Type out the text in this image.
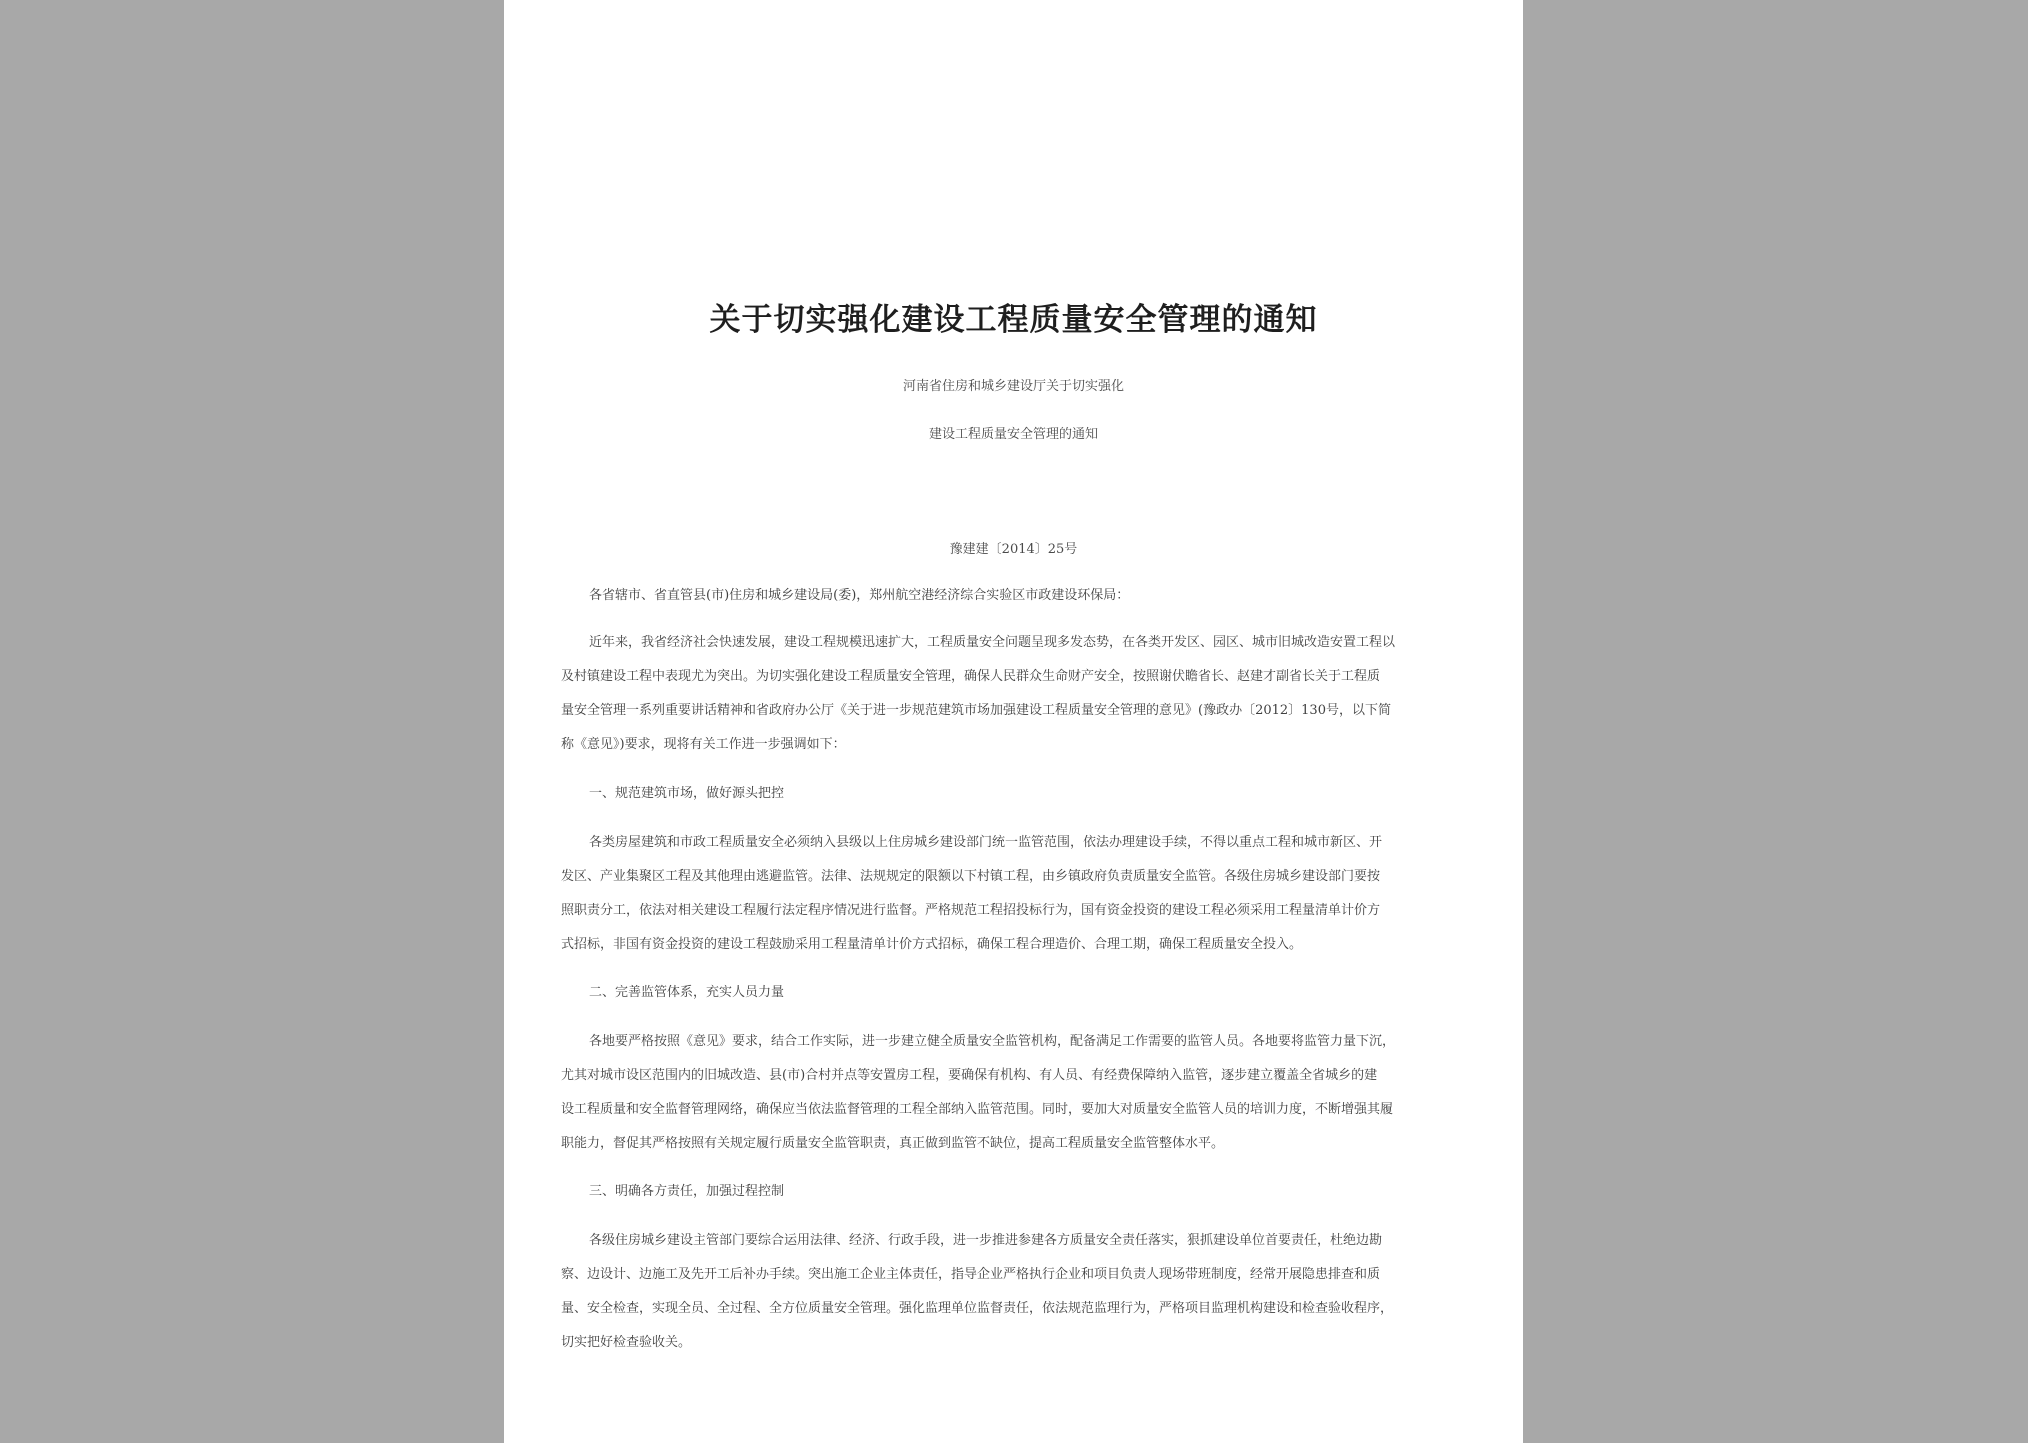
关于切实强化建设工程质量安全管理的通知
河南省住房和城乡建设厅关于切实强化
建设工程质量安全管理的通知
豫建建〔2014〕25号

各省辖市、省直管县(市)住房和城乡建设局(委)，郑州航空港经济综合实验区市政建设环保局：

近年来，我省经济社会快速发展，建设工程规模迅速扩大，工程质量安全问题呈现多发态势，在各类开发区、园区、城市旧城改造安置工程以
及村镇建设工程中表现尤为突出。为切实强化建设工程质量安全管理，确保人民群众生命财产安全，按照谢伏瞻省长、赵建才副省长关于工程质
量安全管理一系列重要讲话精神和省政府办公厅《关于进一步规范建筑市场加强建设工程质量安全管理的意见》(豫政办〔2012〕130号，以下简
称《意见》)要求，现将有关工作进一步强调如下：

一、规范建筑市场，做好源头把控

各类房屋建筑和市政工程质量安全必须纳入县级以上住房城乡建设部门统一监管范围，依法办理建设手续，不得以重点工程和城市新区、开
发区、产业集聚区工程及其他理由逃避监管。法律、法规规定的限额以下村镇工程，由乡镇政府负责质量安全监管。各级住房城乡建设部门要按
照职责分工，依法对相关建设工程履行法定程序情况进行监督。严格规范工程招投标行为，国有资金投资的建设工程必须采用工程量清单计价方
式招标，非国有资金投资的建设工程鼓励采用工程量清单计价方式招标，确保工程合理造价、合理工期，确保工程质量安全投入。

二、完善监管体系，充实人员力量

各地要严格按照《意见》要求，结合工作实际，进一步建立健全质量安全监管机构，配备满足工作需要的监管人员。各地要将监管力量下沉，
尤其对城市设区范围内的旧城改造、县(市)合村并点等安置房工程，要确保有机构、有人员、有经费保障纳入监管，逐步建立覆盖全省城乡的建
设工程质量和安全监督管理网络，确保应当依法监督管理的工程全部纳入监管范围。同时，要加大对质量安全监管人员的培训力度，不断增强其履
职能力，督促其严格按照有关规定履行质量安全监管职责，真正做到监管不缺位，提高工程质量安全监管整体水平。

三、明确各方责任，加强过程控制

各级住房城乡建设主管部门要综合运用法律、经济、行政手段，进一步推进参建各方质量安全责任落实，狠抓建设单位首要责任，杜绝边勘
察、边设计、边施工及先开工后补办手续。突出施工企业主体责任，指导企业严格执行企业和项目负责人现场带班制度，经常开展隐患排查和质
量、安全检查，实现全员、全过程、全方位质量安全管理。强化监理单位监督责任，依法规范监理行为，严格项目监理机构建设和检查验收程序，
切实把好检查验收关。
